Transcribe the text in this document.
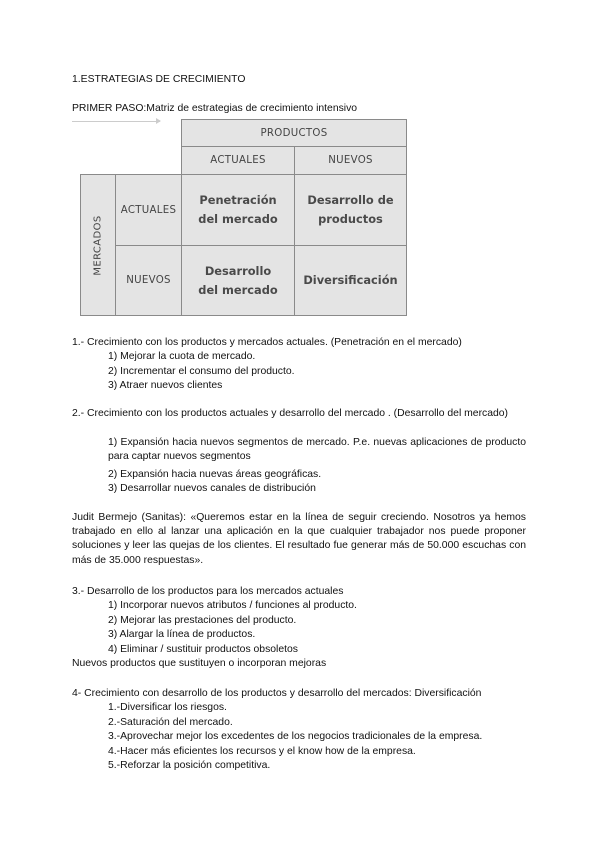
1.ESTRATEGIAS DE CRECIMIENTO
PRIMER PASO:Matriz de estrategias de crecimiento intensivo
PRODUCTOS
ACTUALES	NUEVOS
MERCADOS
ACTUALES
NUEVOS
Penetración del mercado
Desarrollo de productos
Desarrollo del mercado
Diversificación
1.- Crecimiento con los productos y mercados actuales. (Penetración en el mercado)
1) Mejorar la cuota de mercado.
2) Incrementar el consumo del producto.
3) Atraer nuevos clientes
2.- Crecimiento con los productos actuales y desarrollo del mercado . (Desarrollo del mercado)
1) Expansión hacia nuevos segmentos de mercado. P.e. nuevas aplicaciones de producto para captar nuevos segmentos
2) Expansión hacia nuevas áreas geográficas.
3) Desarrollar nuevos canales de distribución
Judit Bermejo (Sanitas): «Queremos estar en la línea de seguir creciendo. Nosotros ya hemos trabajado en ello al lanzar una aplicación en la que cualquier trabajador nos puede proponer soluciones y leer las quejas de los clientes. El resultado fue generar más de 50.000 escuchas con más de 35.000 respuestas».
3.- Desarrollo de los productos para los mercados actuales
1) Incorporar nuevos atributos / funciones al producto.
2) Mejorar las prestaciones del producto.
3) Alargar la línea de productos.
4) Eliminar / sustituir productos obsoletos
Nuevos productos que sustituyen o incorporan mejoras
4- Crecimiento con desarrollo de los productos y desarrollo del mercados: Diversificación
1.-Diversificar los riesgos.
2.-Saturación del mercado.
3.-Aprovechar mejor los excedentes de los negocios tradicionales de la empresa.
4.-Hacer más eficientes los recursos y el know how de la empresa.
5.-Reforzar la posición competitiva.
